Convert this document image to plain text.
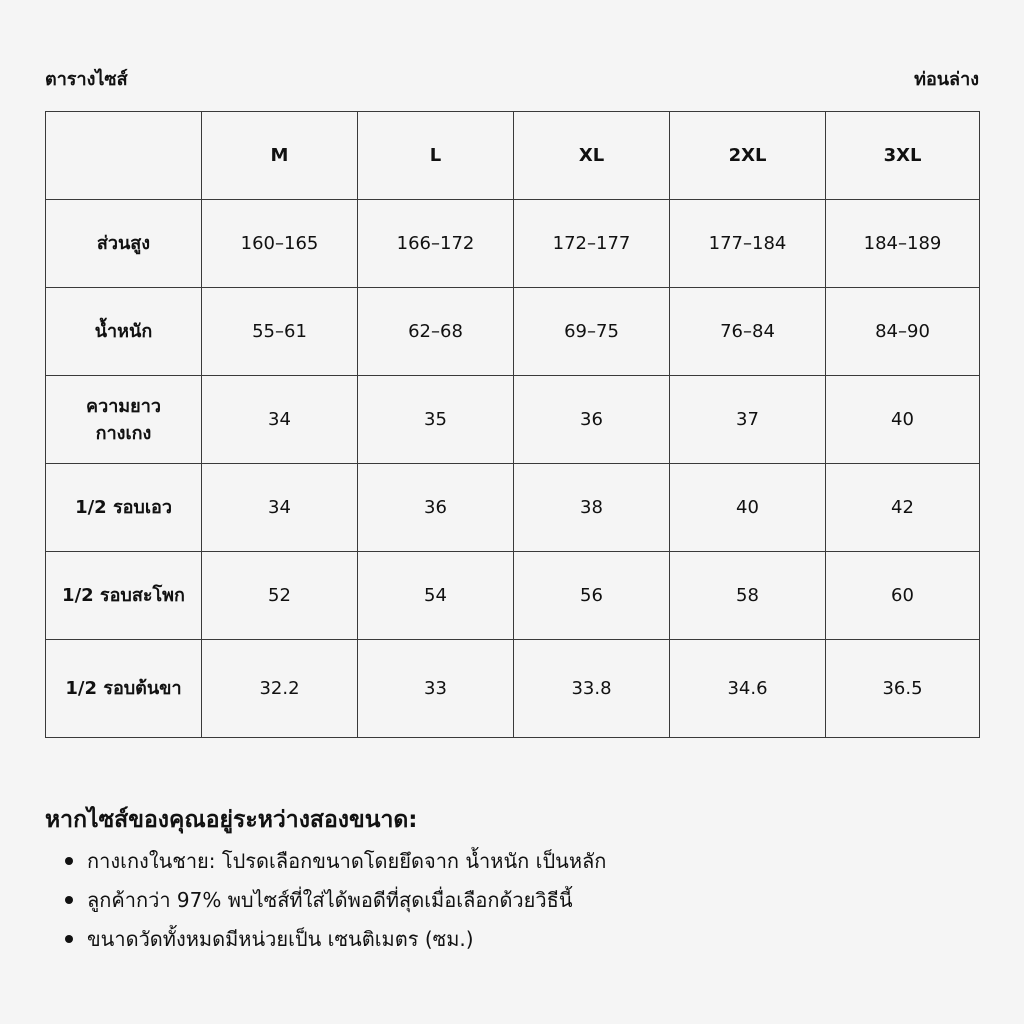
ตารางไซส์	ท่อนล่าง
	M	L	XL	2XL	3XL
ส่วนสูง	160–165	166–172	172–177	177–184	184–189
น้ำหนัก	55–61	62–68	69–75	76–84	84–90

ความยาว
กางเกง	34	35	36	37	40
1/2 รอบเอว	34	36	38	40	42
1/2 รอบสะโพก	52	54	56	58	60
1/2 รอบต้นขา	32.2	33	33.8	34.6	36.5
หากไซส์ของคุณอยู่ระหว่างสองขนาด:
กางเกงในชาย: โปรดเลือกขนาดโดยยึดจาก น้ำหนัก เป็นหลัก
ลูกค้ากว่า 97% พบไซส์ที่ใส่ได้พอดีที่สุดเมื่อเลือกด้วยวิธีนี้
ขนาดวัดทั้งหมดมีหน่วยเป็น เซนติเมตร (ซม.)
